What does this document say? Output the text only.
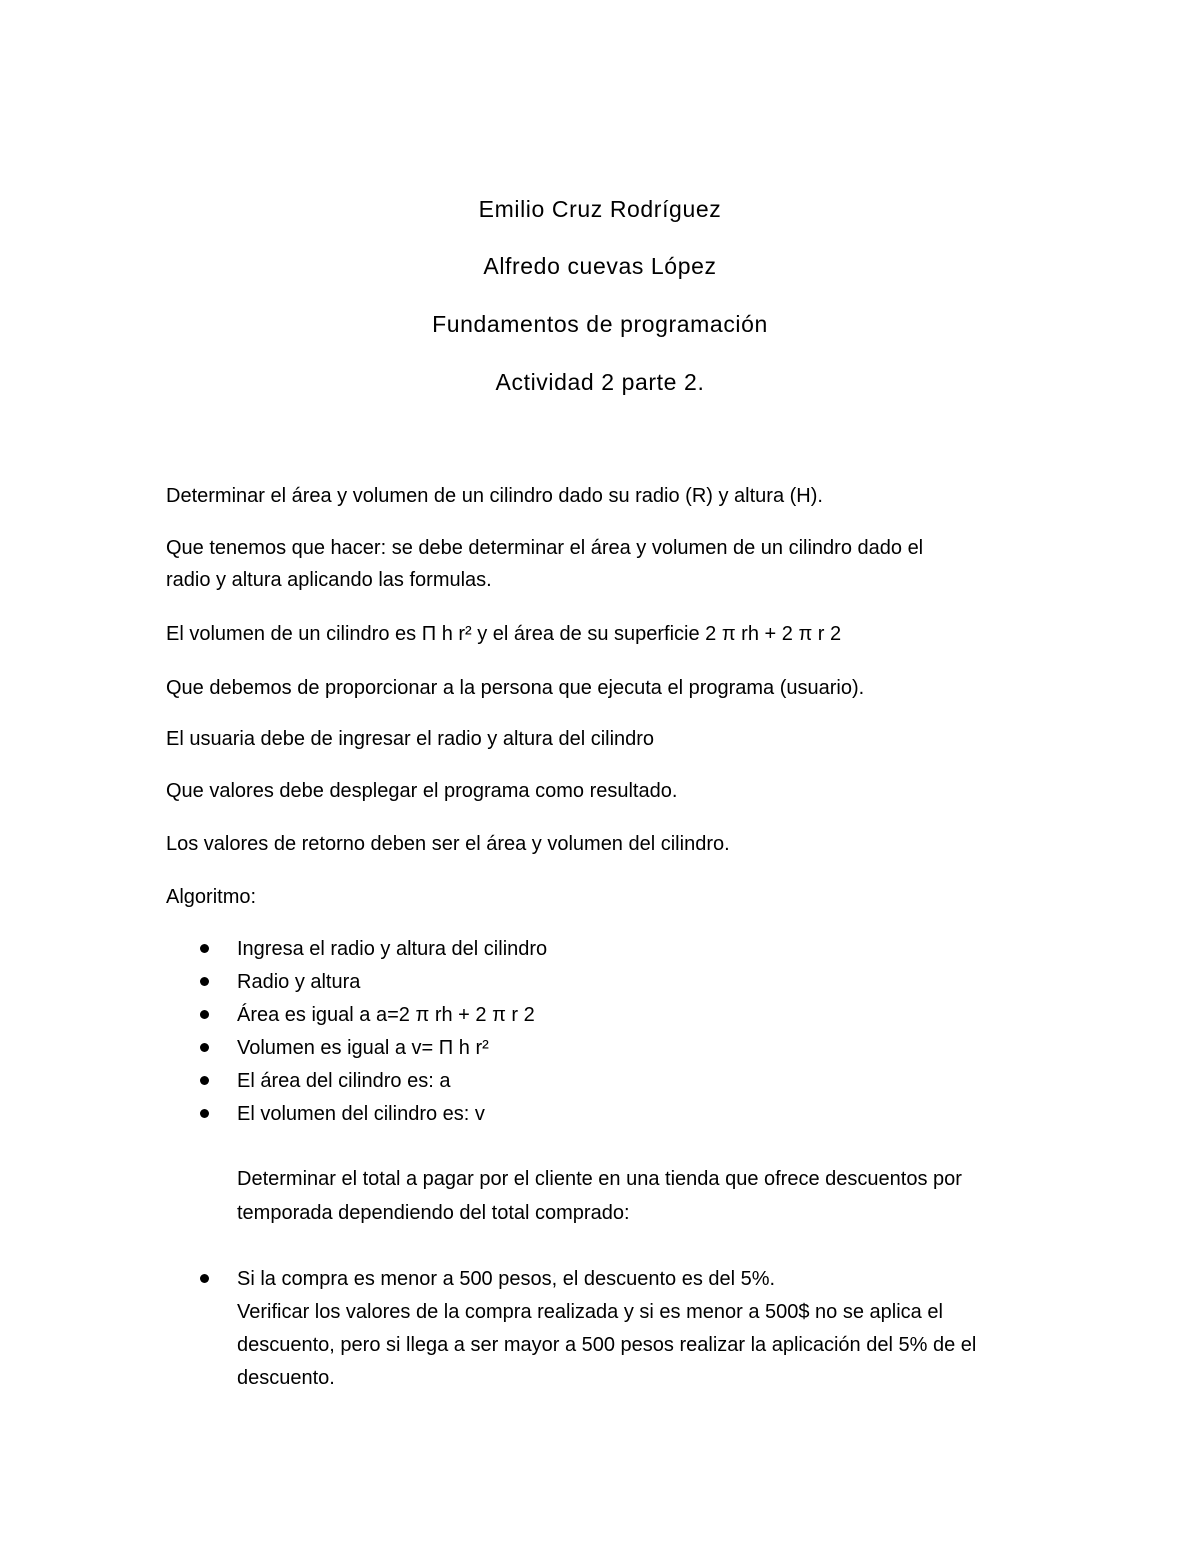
Emilio Cruz Rodríguez
Alfredo cuevas López
Fundamentos de programación
Actividad 2 parte 2.
Determinar el área y volumen de un cilindro dado su radio (R) y altura (H).
Que tenemos que hacer: se debe determinar el área y volumen de un cilindro dado el
radio y altura aplicando las formulas.
El volumen de un cilindro es Π h r² y el área de su superficie 2 π rh + 2 π r 2
Que debemos de proporcionar a la persona que ejecuta el programa (usuario).
El usuaria debe de ingresar el radio y altura del cilindro
Que valores debe desplegar el programa como resultado.
Los valores de retorno deben ser el área y volumen del cilindro.
Algoritmo:
Ingresa el radio y altura del cilindro
Radio y altura
Área es igual a a=2 π rh + 2 π r 2
Volumen es igual a v= Π h r²
El área del cilindro es: a
El volumen del cilindro es: v
Determinar el total a pagar por el cliente en una tienda que ofrece descuentos por
temporada dependiendo del total comprado:
Si la compra es menor a 500 pesos, el descuento es del 5%.
Verificar los valores de la compra realizada y si es menor a 500$ no se aplica el
descuento, pero si llega a ser mayor a 500 pesos realizar la aplicación del 5% de el
descuento.
